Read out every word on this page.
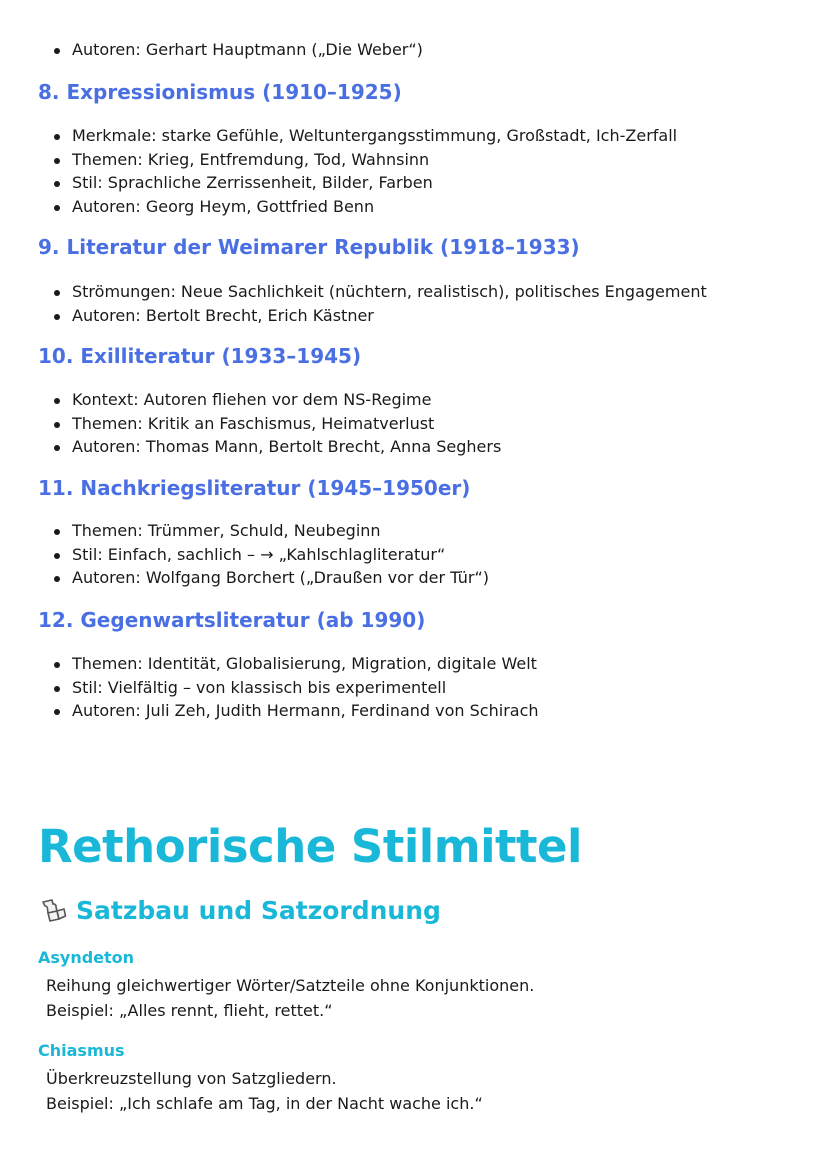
Autoren: Gerhart Hauptmann („Die Weber“)
8. Expressionismus (1910–1925)
Merkmale: starke Gefühle, Weltuntergangsstimmung, Großstadt, Ich-Zerfall
Themen: Krieg, Entfremdung, Tod, Wahnsinn
Stil: Sprachliche Zerrissenheit, Bilder, Farben
Autoren: Georg Heym, Gottfried Benn
9. Literatur der Weimarer Republik (1918–1933)
Strömungen: Neue Sachlichkeit (nüchtern, realistisch), politisches Engagement
Autoren: Bertolt Brecht, Erich Kästner
10. Exilliteratur (1933–1945)
Kontext: Autoren fliehen vor dem NS-Regime
Themen: Kritik an Faschismus, Heimatverlust
Autoren: Thomas Mann, Bertolt Brecht, Anna Seghers
11. Nachkriegsliteratur (1945–1950er)
Themen: Trümmer, Schuld, Neubeginn
Stil: Einfach, sachlich – → „Kahlschlagliteratur“
Autoren: Wolfgang Borchert („Draußen vor der Tür“)
12. Gegenwartsliteratur (ab 1990)
Themen: Identität, Globalisierung, Migration, digitale Welt
Stil: Vielfältig – von klassisch bis experimentell
Autoren: Juli Zeh, Judith Hermann, Ferdinand von Schirach
Rethorische Stilmittel
Satzbau und Satzordnung
Asyndeton
Reihung gleichwertiger Wörter/Satzteile ohne Konjunktionen.
Beispiel: „Alles rennt, flieht, rettet.“
Chiasmus
Überkreuzstellung von Satzgliedern.
Beispiel: „Ich schlafe am Tag, in der Nacht wache ich.“
